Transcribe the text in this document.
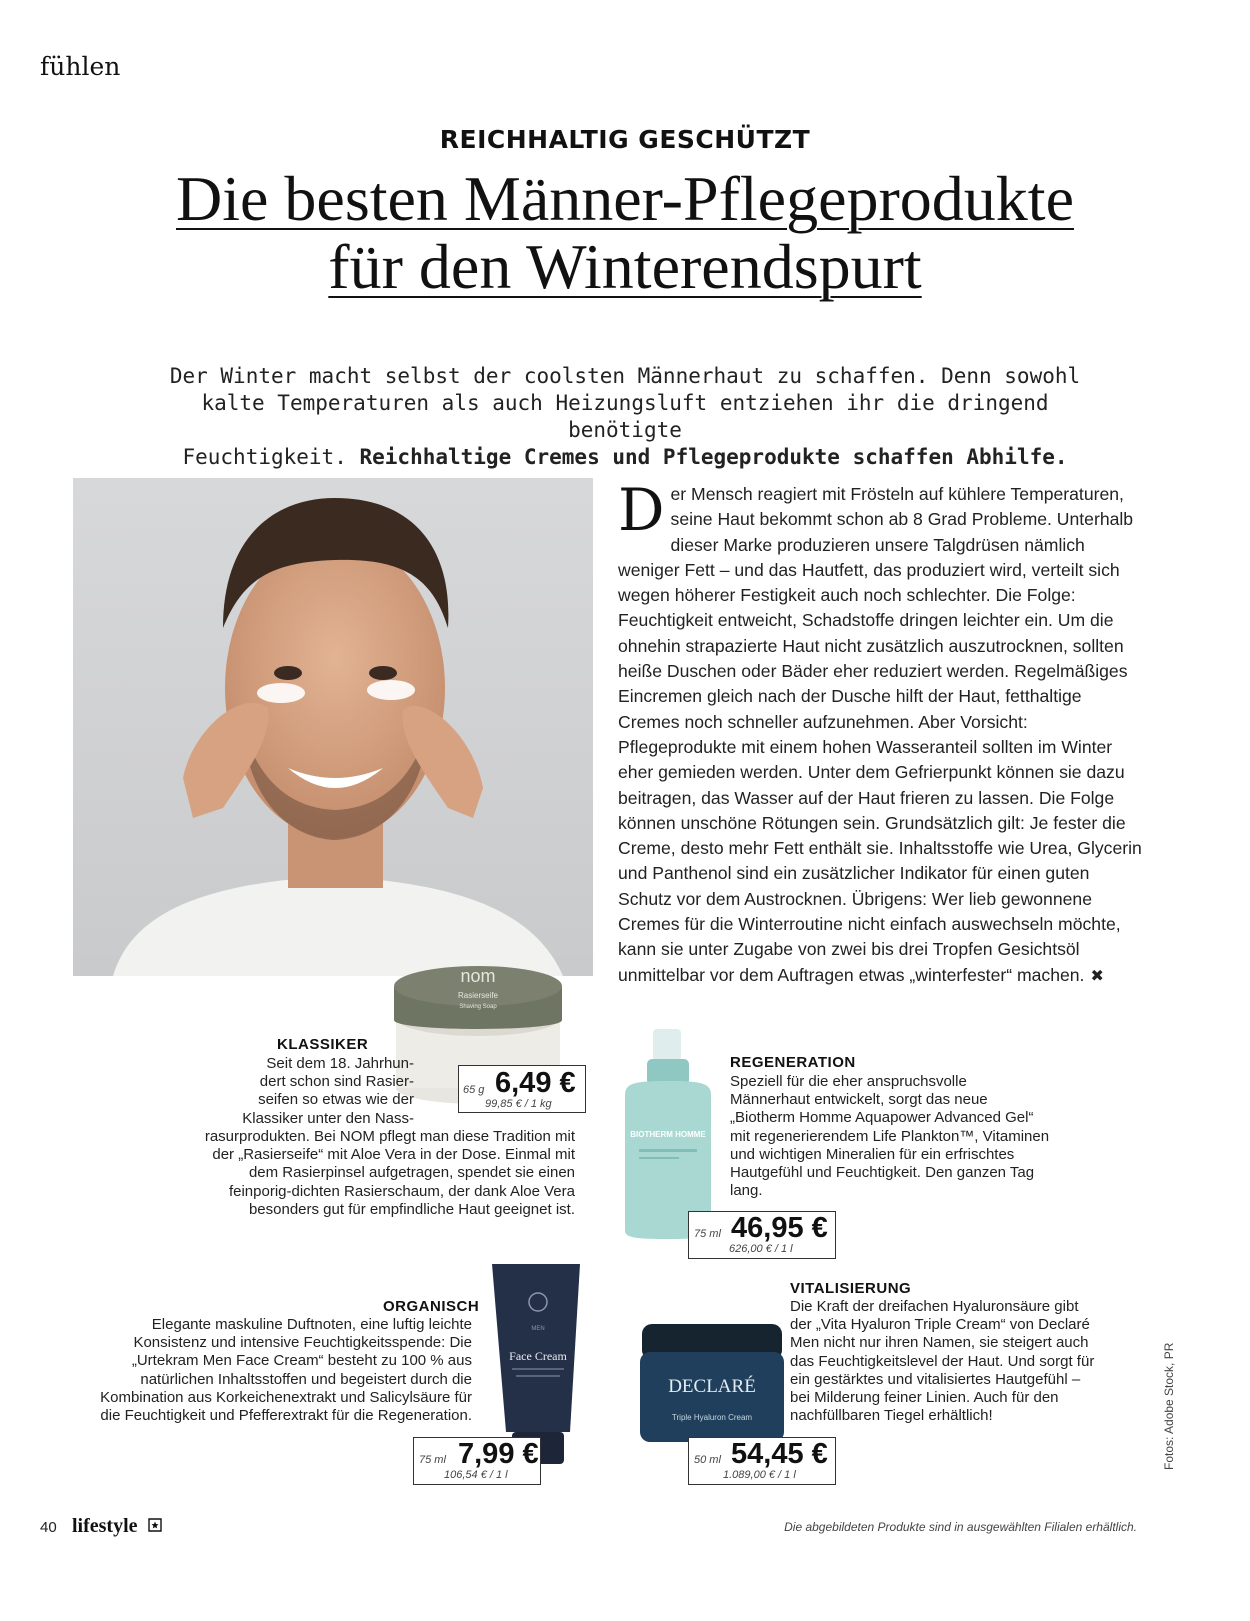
fühlen
REICHHALTIG GESCHÜTZT
Die besten Männer-Pflegeprodukte
für den Winterendspurt
Der Winter macht selbst der coolsten Männerhaut zu schaffen. Denn sowohl
kalte Temperaturen als auch Heizungsluft entziehen ihr die dringend benötigte
Feuchtigkeit. Reichhaltige Cremes und Pflegeprodukte schaffen Abhilfe.
Der Mensch reagiert mit Frösteln auf kühlere Temperaturen, seine Haut bekommt schon ab 8 Grad Probleme. Unterhalb dieser Marke produzieren unsere Talgdrüsen nämlich weniger Fett – und das Hautfett, das produziert wird, verteilt sich wegen höherer Festigkeit auch noch schlechter. Die Folge: Feuchtigkeit entweicht, Schadstoffe dringen leichter ein. Um die ohnehin strapazierte Haut nicht zusätzlich auszutrocknen, sollten heiße Duschen oder Bäder eher reduziert werden. Regelmäßiges Eincremen gleich nach der Dusche hilft der Haut, fetthaltige Cremes noch schneller aufzunehmen. Aber Vorsicht: Pflegeprodukte mit einem hohen Wasseranteil sollten im Winter eher gemieden werden. Unter dem Gefrierpunkt können sie dazu beitragen, das Wasser auf der Haut frieren zu lassen. Die Folge können unschöne Rötungen sein. Grundsätzlich gilt: Je fester die Creme, desto mehr Fett enthält sie. Inhaltsstoffe wie Urea, Glycerin und Panthenol sind ein zusätzlicher Indikator für einen guten Schutz vor dem Austrocknen. Übrigens: Wer lieb gewonnene Cremes für die Winterroutine nicht einfach auswechseln möchte, kann sie unter Zugabe von zwei bis drei Tropfen Gesichtsöl unmittelbar vor dem Auftragen etwas „winterfester“ machen. ✖
nom
Rasierseife
Shaving Soap
KLASSIKER
Seit dem 18. Jahrhun-
dert schon sind Rasier-
seifen so etwas wie der
Klassiker unter den Nass-
rasurprodukten. Bei NOM pflegt man diese Tradition mit der „Rasierseife“ mit Aloe Vera in der Dose. Einmal mit dem Rasierpinsel aufgetragen, spendet sie einen feinporig-dichten Rasierschaum, der dank Aloe Vera besonders gut für empfindliche Haut geeignet ist.
65 g 6,49 €
99,85 € / 1 kg
BIOTHERM HOMME
REGENERATION
Speziell für die eher anspruchsvolle Männerhaut entwickelt, sorgt das neue „Biotherm Homme Aquapower Advanced Gel“ mit regenerierendem Life Plankton™, Vitaminen und wichtigen Mineralien für ein erfrischtes Hautgefühl und Feuchtigkeit. Den ganzen Tag lang.
75 ml 46,95 €
626,00 € / 1 l
MEN
Face Cream
ORGANISCH
Elegante maskuline Duftnoten, eine luftig leichte Konsistenz und intensive Feuchtigkeitsspende: Die „Urtekram Men Face Cream“ besteht zu 100 % aus natürlichen Inhaltsstoffen und begeistert durch die Kombination aus Korkeichenextrakt und Salicylsäure für die Feuchtigkeit und Pfefferextrakt für die Regeneration.
75 ml 7,99 €
106,54 € / 1 l
DECLARÉ
Triple Hyaluron Cream
VITALISIERUNG
Die Kraft der dreifachen Hyaluronsäure gibt der „Vita Hyaluron Triple Cream“ von Declaré Men nicht nur ihren Namen, sie steigert auch das Feuchtigkeitslevel der Haut. Und sorgt für ein gestärktes und vitalisiertes Hautgefühl – bei Milderung feiner Linien. Auch für den nachfüllbaren Tiegel erhältlich!
50 ml 54,45 €
1.089,00 € / 1 l
Fotos: Adobe Stock, PR
40 lifestyle	Die abgebildeten Produkte sind in ausgewählten Filialen erhältlich.
